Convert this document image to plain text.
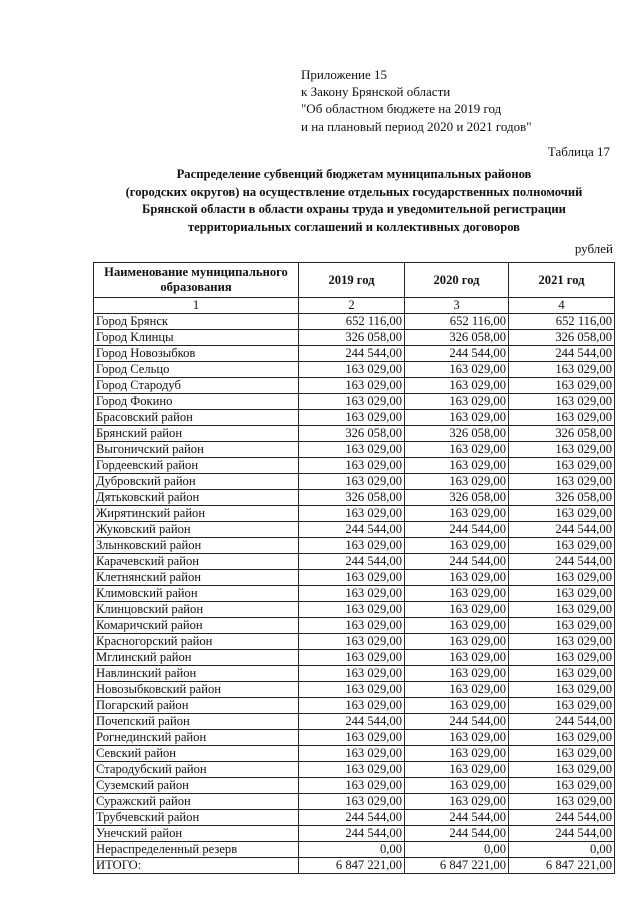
Приложение 15
к Закону Брянской области
"Об областном бюджете на 2019 год
и на плановый период 2020 и 2021 годов"
Таблица 17
Распределение субвенций бюджетам муниципальных районов
(городских округов) на осуществление отдельных государственных полномочий
Брянской области в области охраны труда и уведомительной регистрации
территориальных соглашений и коллективных договоров
рублей
Наименование муниципального образования	2019 год	2020 год	2021 год
1	2	3	4
Город Брянск	652 116,00	652 116,00	652 116,00
Город Клинцы	326 058,00	326 058,00	326 058,00
Город Новозыбков	244 544,00	244 544,00	244 544,00
Город Сельцо	163 029,00	163 029,00	163 029,00
Город Стародуб	163 029,00	163 029,00	163 029,00
Город Фокино	163 029,00	163 029,00	163 029,00
Брасовский район	163 029,00	163 029,00	163 029,00
Брянский район	326 058,00	326 058,00	326 058,00
Выгоничский район	163 029,00	163 029,00	163 029,00
Гордеевский район	163 029,00	163 029,00	163 029,00
Дубровский район	163 029,00	163 029,00	163 029,00
Дятьковский район	326 058,00	326 058,00	326 058,00
Жирятинский район	163 029,00	163 029,00	163 029,00
Жуковский район	244 544,00	244 544,00	244 544,00
Злынковский район	163 029,00	163 029,00	163 029,00
Карачевский район	244 544,00	244 544,00	244 544,00
Клетнянский район	163 029,00	163 029,00	163 029,00
Климовский район	163 029,00	163 029,00	163 029,00
Клинцовский район	163 029,00	163 029,00	163 029,00
Комаричский район	163 029,00	163 029,00	163 029,00
Красногорский район	163 029,00	163 029,00	163 029,00
Мглинский район	163 029,00	163 029,00	163 029,00
Навлинский район	163 029,00	163 029,00	163 029,00
Новозыбковский район	163 029,00	163 029,00	163 029,00
Погарский район	163 029,00	163 029,00	163 029,00
Почепский район	244 544,00	244 544,00	244 544,00
Рогнединский район	163 029,00	163 029,00	163 029,00
Севский район	163 029,00	163 029,00	163 029,00
Стародубский район	163 029,00	163 029,00	163 029,00
Суземский район	163 029,00	163 029,00	163 029,00
Суражский район	163 029,00	163 029,00	163 029,00
Трубчевский район	244 544,00	244 544,00	244 544,00
Унечский район	244 544,00	244 544,00	244 544,00
Нераспределенный резерв	0,00	0,00	0,00
ИТОГО:	6 847 221,00	6 847 221,00	6 847 221,00
